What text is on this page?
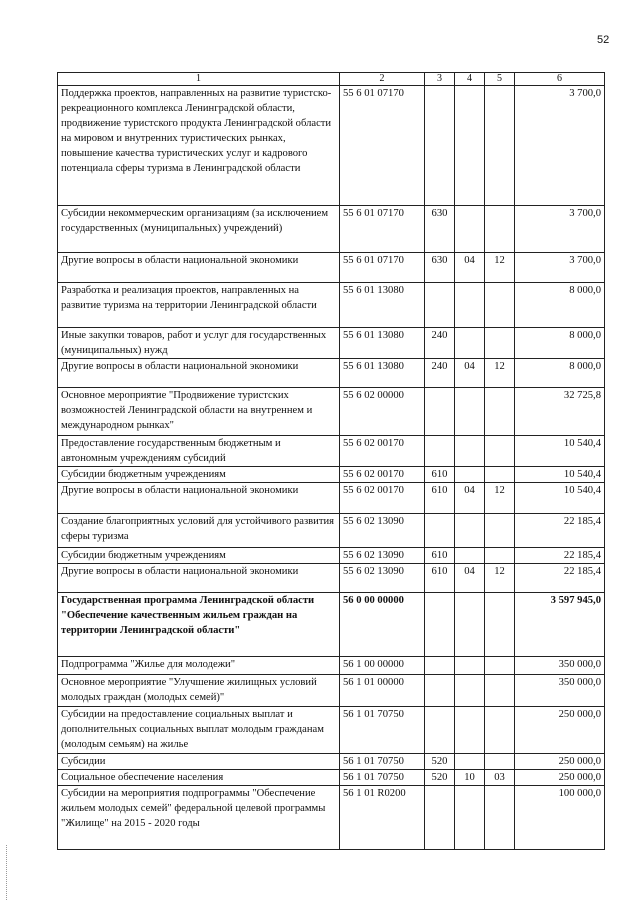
52
1	2	3	4	5	6
Поддержка проектов, направленных на развитие туристско-рекреационного комплекса Ленинградской области, продвижение туристского продукта Ленинградской области на мировом и внутренних туристических рынках, повышение качества туристических услуг и кадрового потенциала сферы туризма в Ленинградской области	55 6 01 07170				3 700,0
Субсидии некоммерческим организациям (за исключением государственных (муниципальных) учреждений)	55 6 01 07170	630			3 700,0
Другие вопросы в области национальной экономики	55 6 01 07170	630	04	12	3 700,0
Разработка и реализация проектов, направленных на развитие туризма на территории Ленинградской области	55 6 01 13080				8 000,0
Иные закупки товаров, работ и услуг для государственных (муниципальных) нужд	55 6 01 13080	240			8 000,0
Другие вопросы в области национальной экономики	55 6 01 13080	240	04	12	8 000,0
Основное мероприятие "Продвижение туристских возможностей Ленинградской области на внутреннем и международном рынках"	55 6 02 00000				32 725,8
Предоставление государственным бюджетным и автономным учреждениям субсидий	55 6 02 00170				10 540,4
Субсидии бюджетным учреждениям	55 6 02 00170	610			10 540,4
Другие вопросы в области национальной экономики	55 6 02 00170	610	04	12	10 540,4
Создание благоприятных условий для устойчивого развития сферы туризма	55 6 02 13090				22 185,4
Субсидии бюджетным учреждениям	55 6 02 13090	610			22 185,4
Другие вопросы в области национальной экономики	55 6 02 13090	610	04	12	22 185,4
Государственная программа Ленинградской области "Обеспечение качественным жильем граждан на территории Ленинградской области"	56 0 00 00000				3 597 945,0
Подпрограмма "Жилье для молодежи"	56 1 00 00000				350 000,0
Основное мероприятие "Улучшение жилищных условий молодых граждан (молодых семей)"	56 1 01 00000				350 000,0
Субсидии на предоставление социальных выплат и дополнительных социальных выплат молодым гражданам (молодым семьям) на жилье	56 1 01 70750				250 000,0
Субсидии	56 1 01 70750	520			250 000,0
Социальное обеспечение населения	56 1 01 70750	520	10	03	250 000,0
Субсидии на мероприятия подпрограммы "Обеспечение жильем молодых семей" федеральной целевой программы "Жилище" на 2015 - 2020 годы	56 1 01 R0200				100 000,0
